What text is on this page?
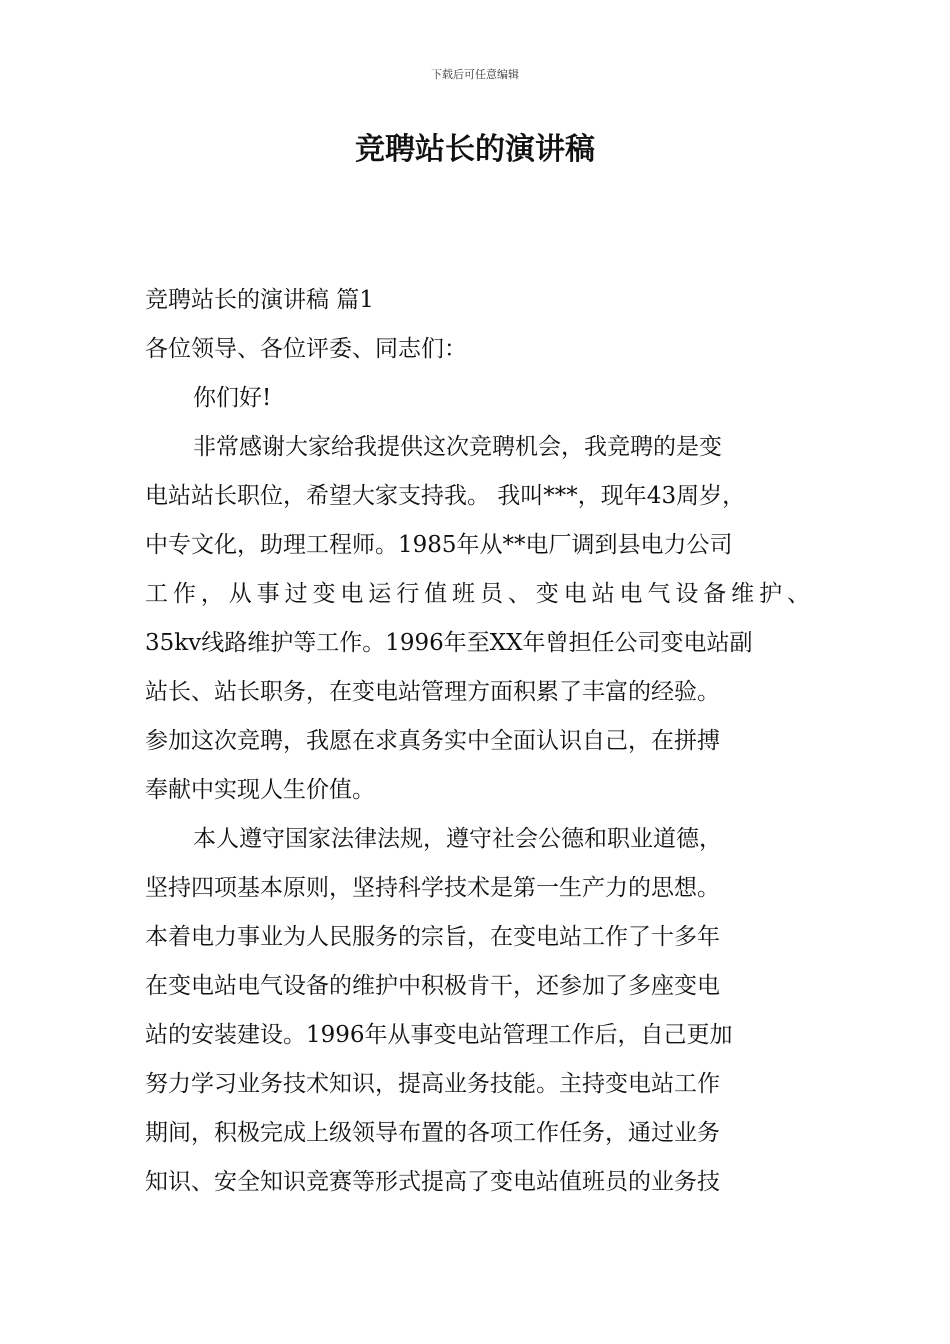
下载后可任意编辑
竞聘站长的演讲稿
竞聘站长的演讲稿 篇1
各位领导、各位评委、同志们：
你们好!
非常感谢大家给我提供这次竞聘机会，我竞聘的是变
电站站长职位，希望大家支持我。 我叫***，现年43周岁，
中专文化，助理工程师。1985年从**电厂调到县电力公司
工作，从事过变电运行值班员、变电站电气设备维护、
35kv线路维护等工作。1996年至XX年曾担任公司变电站副
站长、站长职务，在变电站管理方面积累了丰富的经验。
参加这次竞聘，我愿在求真务实中全面认识自己，在拼搏
奉献中实现人生价值。
本人遵守国家法律法规，遵守社会公德和职业道德，
坚持四项基本原则，坚持科学技术是第一生产力的思想。
本着电力事业为人民服务的宗旨，在变电站工作了十多年
在变电站电气设备的维护中积极肯干，还参加了多座变电
站的安装建设。1996年从事变电站管理工作后，自己更加
努力学习业务技术知识，提高业务技能。主持变电站工作
期间，积极完成上级领导布置的各项工作任务，通过业务
知识、安全知识竞赛等形式提高了变电站值班员的业务技
